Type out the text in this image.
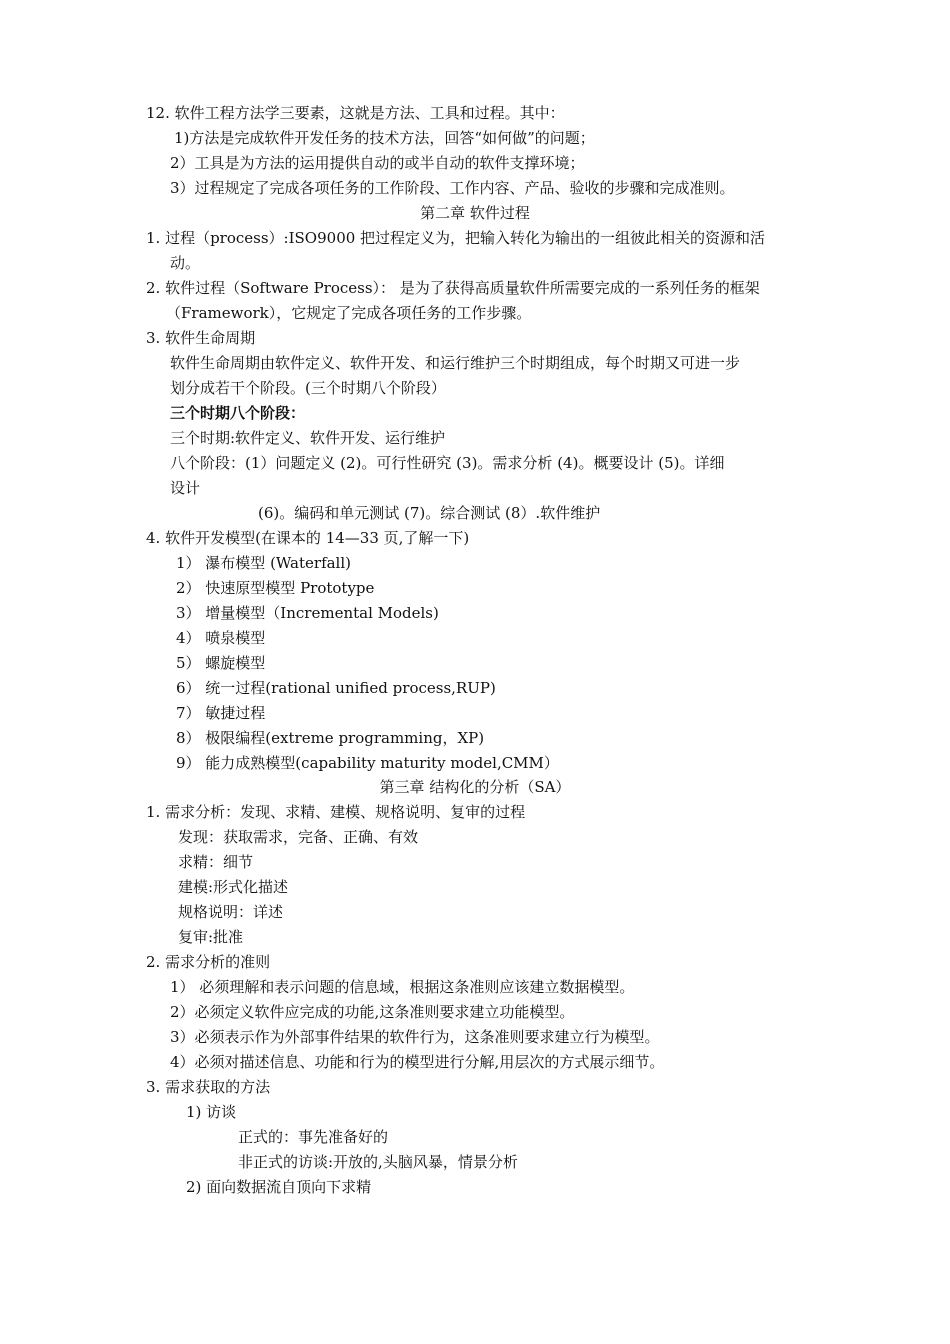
12. 软件工程方法学三要素，这就是方法、工具和过程。其中：
1)方法是完成软件开发任务的技术方法，回答“如何做”的问题；
2）工具是为方法的运用提供自动的或半自动的软件支撑环境；
3）过程规定了完成各项任务的工作阶段、工作内容、产品、验收的步骤和完成准则。
第二章 软件过程
1. 过程（process）:ISO9000 把过程定义为，把输入转化为输出的一组彼此相关的资源和活
动。
2. 软件过程（Software Process）： 是为了获得高质量软件所需要完成的一系列任务的框架
（Framework），它规定了完成各项任务的工作步骤。
3. 软件生命周期
软件生命周期由软件定义、软件开发、和运行维护三个时期组成，每个时期又可进一步
划分成若干个阶段。(三个时期八个阶段）
三个时期八个阶段：
三个时期:软件定义、软件开发、运行维护
八个阶段：(1）问题定义 (2)。可行性研究 (3)。需求分析 (4)。概要设计 (5)。详细
设计
(6)。编码和单元测试 (7)。综合测试 (8）.软件维护
4. 软件开发模型(在课本的 14—33 页,了解一下)
1） 瀑布模型 (Waterfall)
2） 快速原型模型 Prototype
3） 增量模型（Incremental Models)
4） 喷泉模型
5） 螺旋模型
6） 统一过程(rational unified process,RUP)
7） 敏捷过程
8） 极限编程(extreme programming，XP)
9） 能力成熟模型(capability maturity model,CMM）
第三章 结构化的分析（SA）
1. 需求分析：发现、求精、建模、规格说明、复审的过程
发现：获取需求，完备、正确、有效
求精：细节
建模:形式化描述
规格说明：详述
复审:批准
2. 需求分析的准则
1） 必须理解和表示问题的信息域，根据这条准则应该建立数据模型。
2）必须定义软件应完成的功能,这条准则要求建立功能模型。
3）必须表示作为外部事件结果的软件行为，这条准则要求建立行为模型。
4）必须对描述信息、功能和行为的模型进行分解,用层次的方式展示细节。
3. 需求获取的方法
1) 访谈
正式的：事先准备好的
非正式的访谈:开放的,头脑风暴，情景分析
2) 面向数据流自顶向下求精
